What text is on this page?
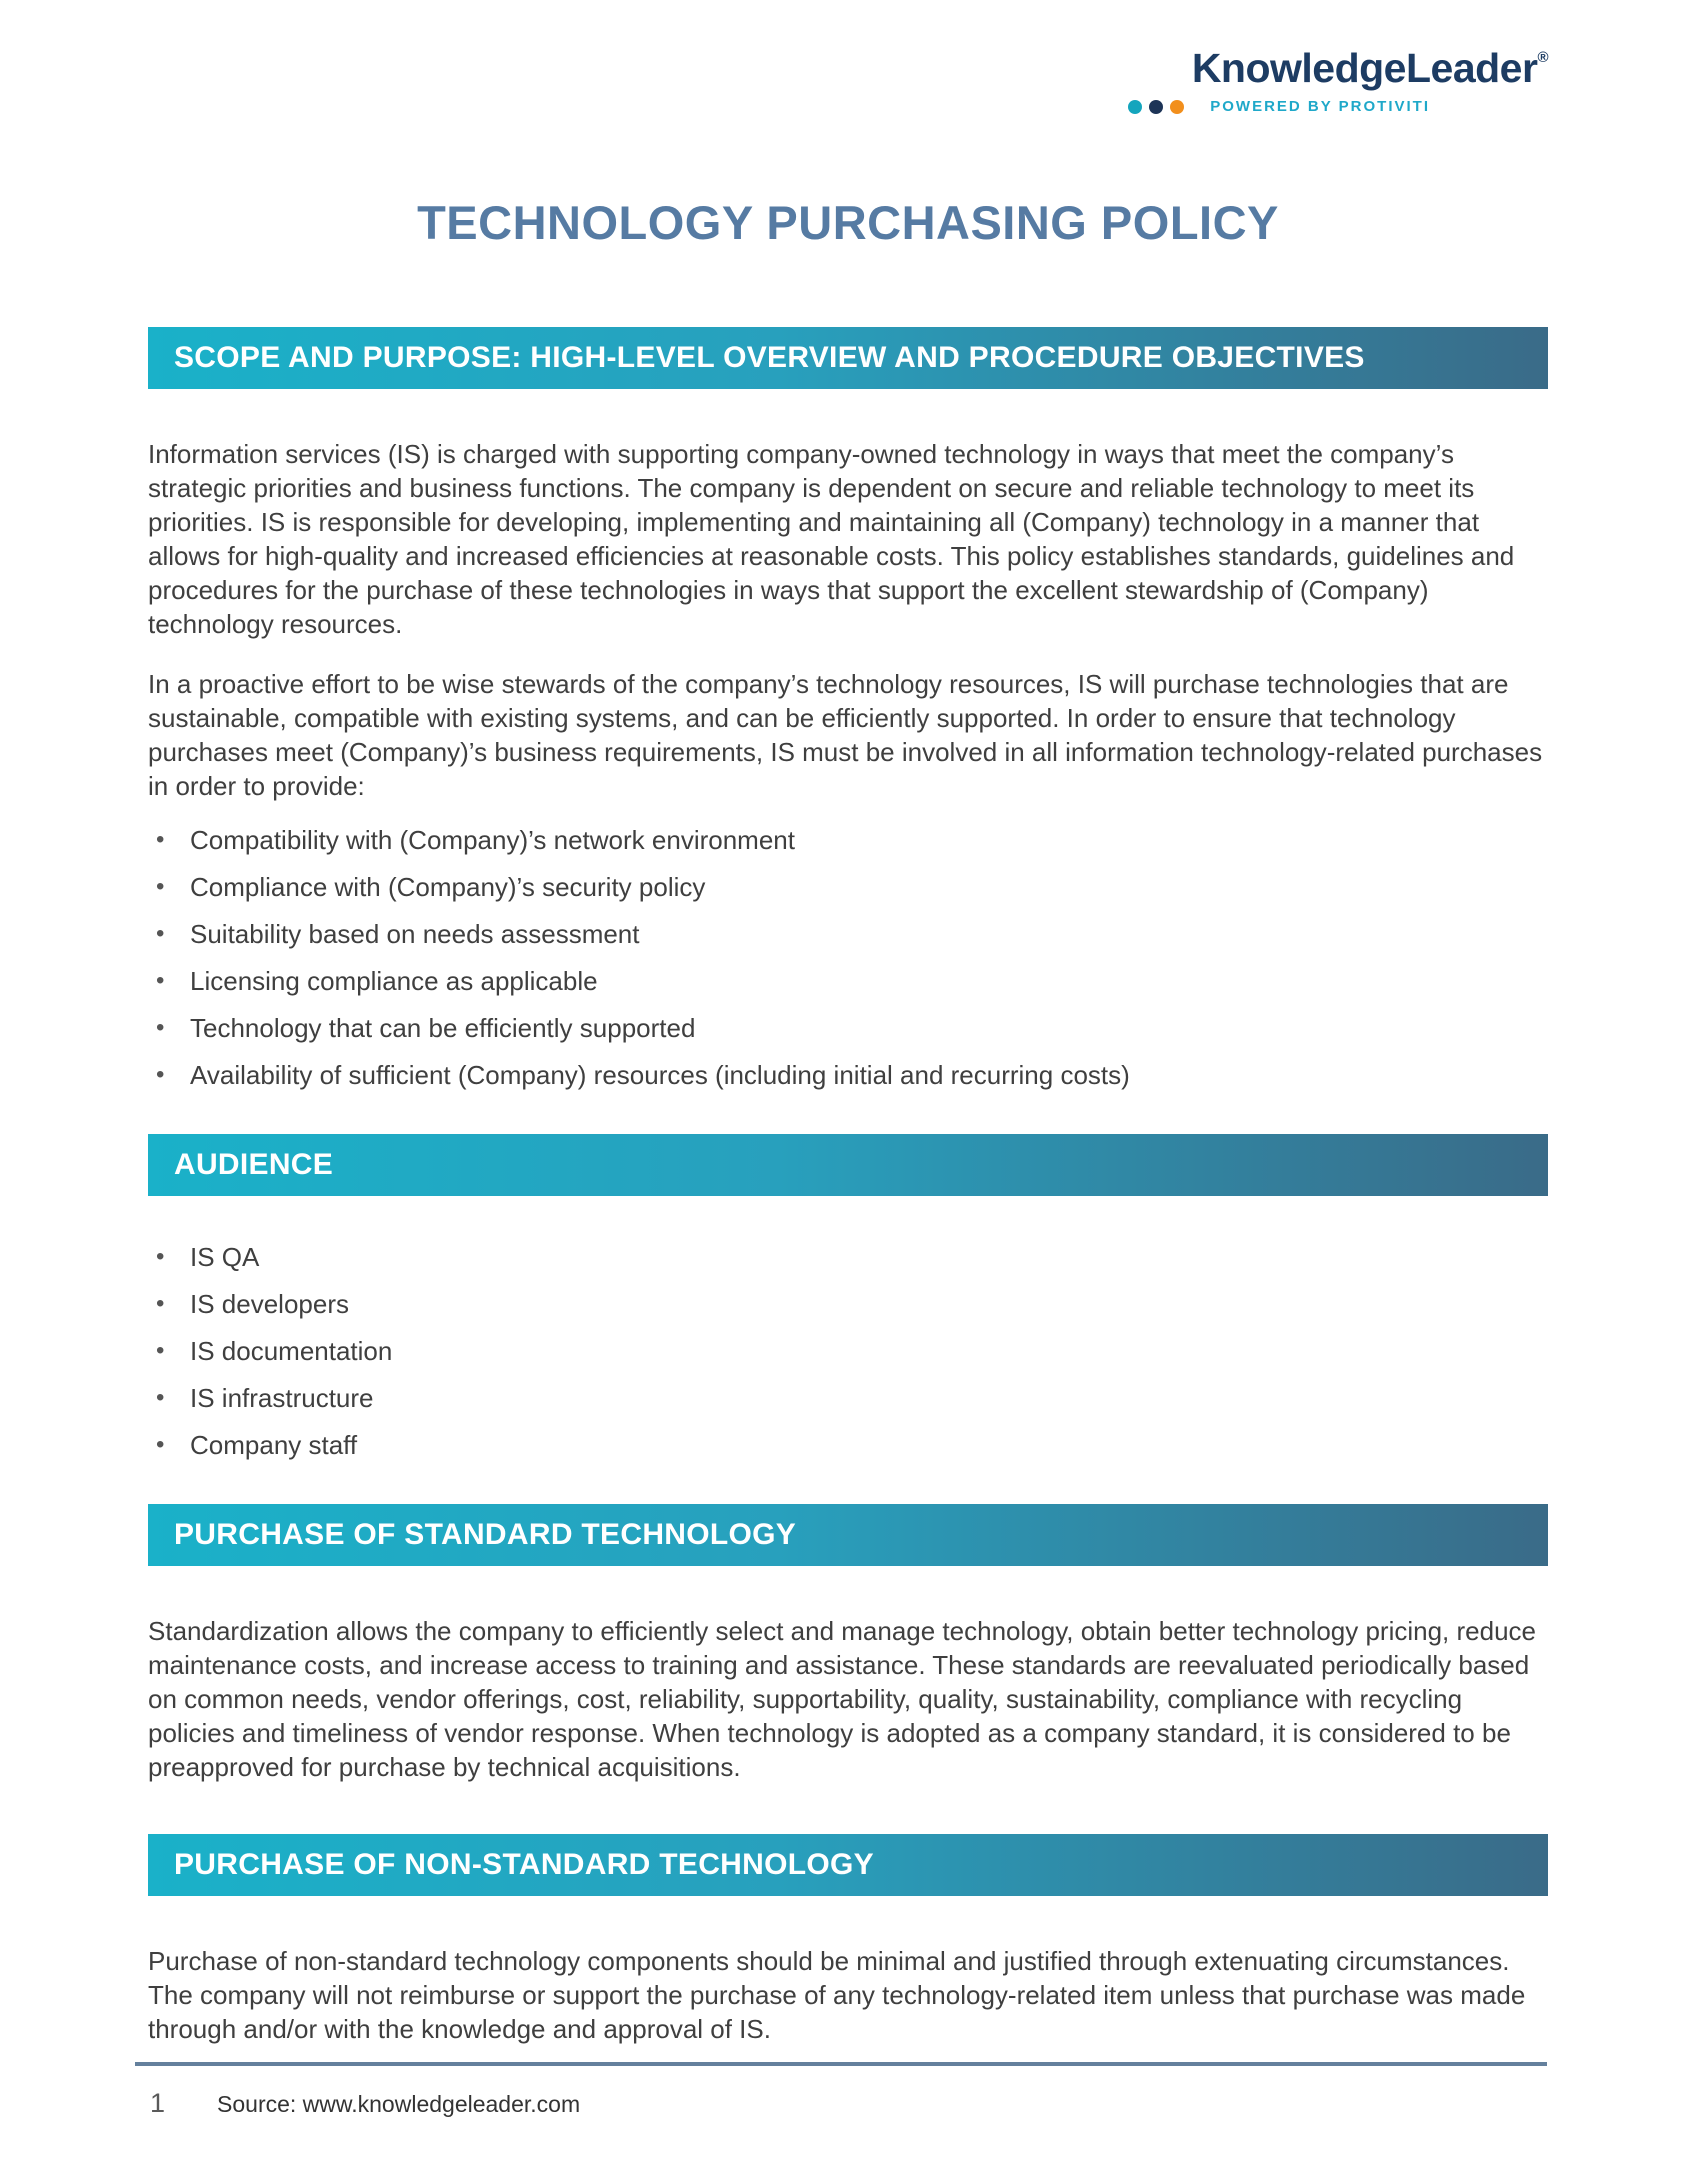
KnowledgeLeader®
POWERED BY PROTIVITI
TECHNOLOGY PURCHASING POLICY
SCOPE AND PURPOSE: HIGH-LEVEL OVERVIEW AND PROCEDURE OBJECTIVES

Information services (IS) is charged with supporting company-owned technology in ways that meet the company’s strategic priorities and business functions. The company is dependent on secure and reliable technology to meet its priorities. IS is responsible for developing, implementing and maintaining all (Company) technology in a manner that allows for high-quality and increased efficiencies at reasonable costs. This policy establishes standards, guidelines and procedures for the purchase of these technologies in ways that support the excellent stewardship of (Company) technology resources.

In a proactive effort to be wise stewards of the company’s technology resources, IS will purchase technologies that are sustainable, compatible with existing systems, and can be efficiently supported. In order to ensure that technology purchases meet (Company)’s business requirements, IS must be involved in all information technology-related purchases in order to provide:

• Compatibility with (Company)’s network environment
• Compliance with (Company)’s security policy
• Suitability based on needs assessment
• Licensing compliance as applicable
• Technology that can be efficiently supported
• Availability of sufficient (Company) resources (including initial and recurring costs)
AUDIENCE
• IS QA
• IS developers
• IS documentation
• IS infrastructure
• Company staff
PURCHASE OF STANDARD TECHNOLOGY

Standardization allows the company to efficiently select and manage technology, obtain better technology pricing, reduce maintenance costs, and increase access to training and assistance. These standards are reevaluated periodically based on common needs, vendor offerings, cost, reliability, supportability, quality, sustainability, compliance with recycling policies and timeliness of vendor response. When technology is adopted as a company standard, it is considered to be preapproved for purchase by technical acquisitions.

PURCHASE OF NON-STANDARD TECHNOLOGY

Purchase of non-standard technology components should be minimal and justified through extenuating circumstances. The company will not reimburse or support the purchase of any technology-related item unless that purchase was made through and/or with the knowledge and approval of IS.

1 Source: www.knowledgeleader.com
